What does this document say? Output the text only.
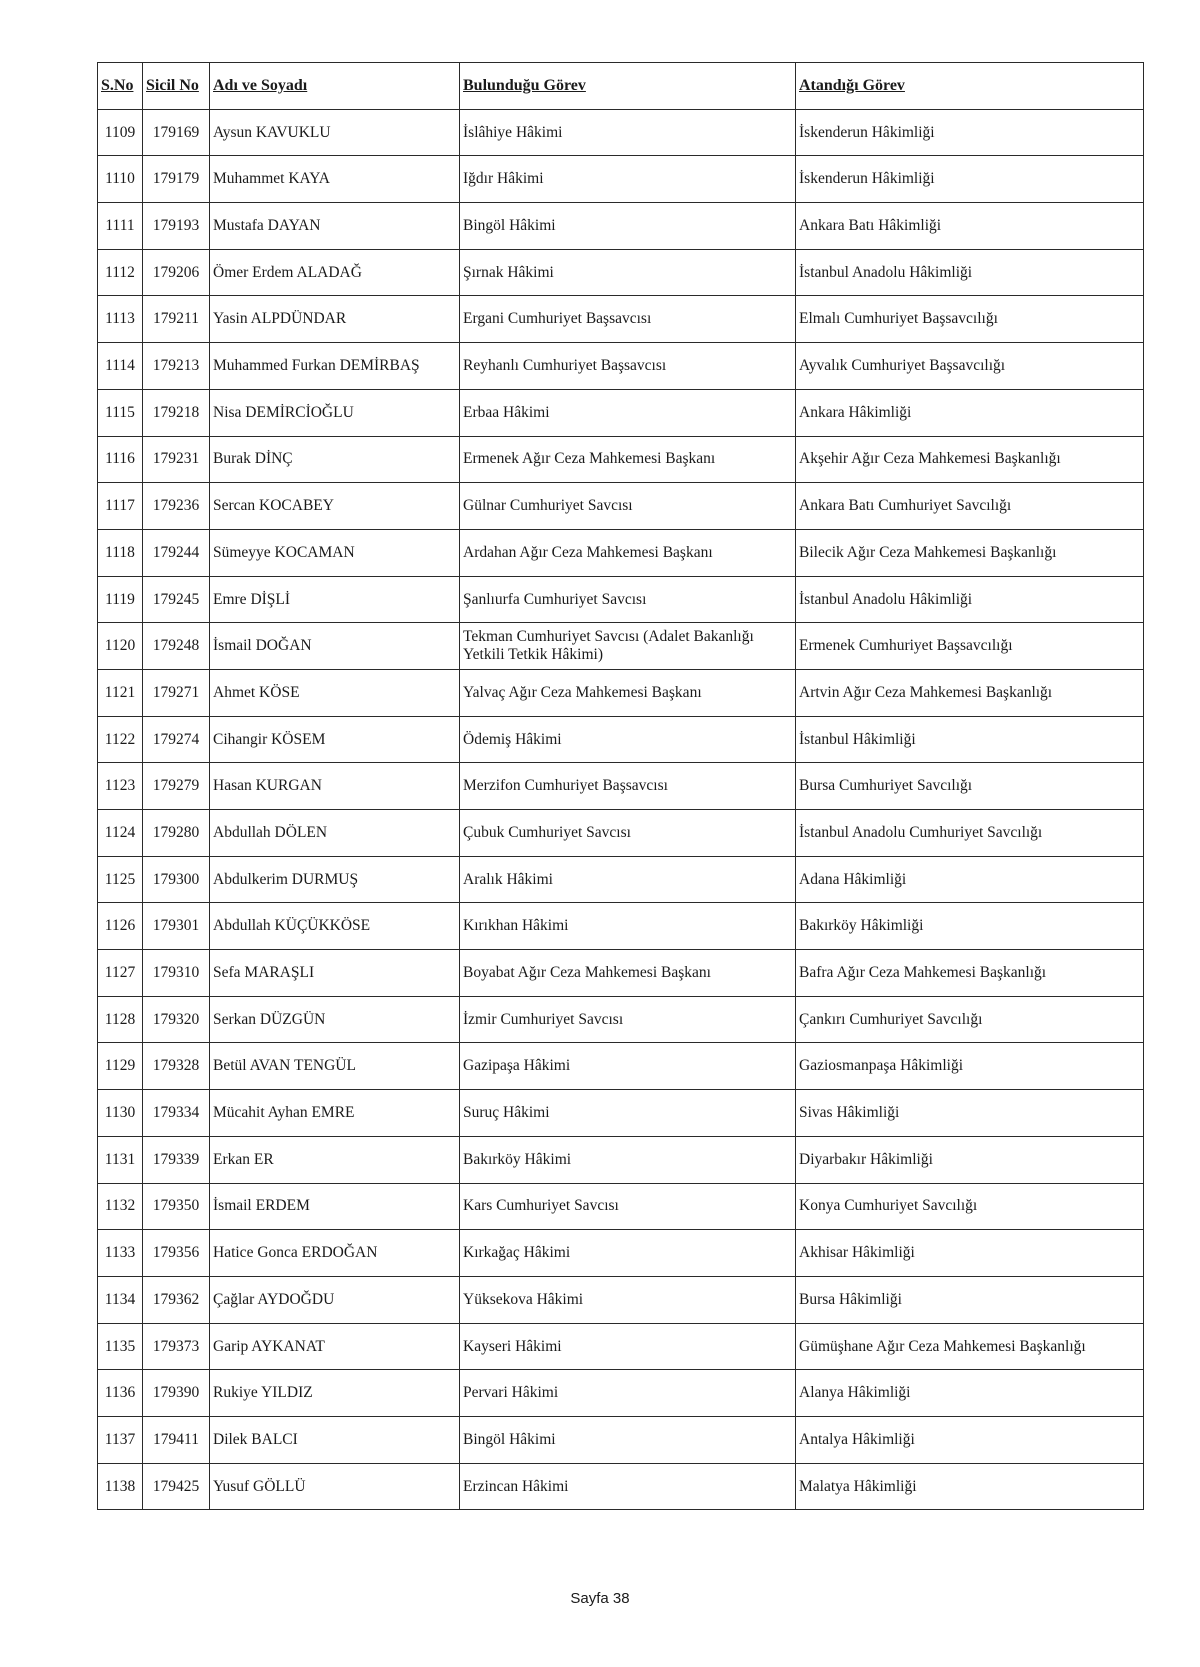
S.No	Sicil No	Adı ve Soyadı	Bulunduğu Görev	Atandığı Görev
1109	179169	Aysun KAVUKLU	İslâhiye Hâkimi	İskenderun Hâkimliği
1110	179179	Muhammet KAYA	Iğdır Hâkimi	İskenderun Hâkimliği
1111	179193	Mustafa DAYAN	Bingöl Hâkimi	Ankara Batı Hâkimliği
1112	179206	Ömer Erdem ALADAĞ	Şırnak Hâkimi	İstanbul Anadolu Hâkimliği
1113	179211	Yasin ALPDÜNDAR	Ergani Cumhuriyet Başsavcısı	Elmalı Cumhuriyet Başsavcılığı
1114	179213	Muhammed Furkan DEMİRBAŞ	Reyhanlı Cumhuriyet Başsavcısı	Ayvalık Cumhuriyet Başsavcılığı
1115	179218	Nisa DEMİRCİOĞLU	Erbaa Hâkimi	Ankara Hâkimliği
1116	179231	Burak DİNÇ	Ermenek Ağır Ceza Mahkemesi Başkanı	Akşehir Ağır Ceza Mahkemesi Başkanlığı
1117	179236	Sercan KOCABEY	Gülnar Cumhuriyet Savcısı	Ankara Batı Cumhuriyet Savcılığı
1118	179244	Sümeyye KOCAMAN	Ardahan Ağır Ceza Mahkemesi Başkanı	Bilecik Ağır Ceza Mahkemesi Başkanlığı
1119	179245	Emre DİŞLİ	Şanlıurfa Cumhuriyet Savcısı	İstanbul Anadolu Hâkimliği
1120	179248	İsmail DOĞAN	Tekman Cumhuriyet Savcısı (Adalet Bakanlığı Yetkili Tetkik Hâkimi)	Ermenek Cumhuriyet Başsavcılığı
1121	179271	Ahmet KÖSE	Yalvaç Ağır Ceza Mahkemesi Başkanı	Artvin Ağır Ceza Mahkemesi Başkanlığı
1122	179274	Cihangir KÖSEM	Ödemiş Hâkimi	İstanbul Hâkimliği
1123	179279	Hasan KURGAN	Merzifon Cumhuriyet Başsavcısı	Bursa Cumhuriyet Savcılığı
1124	179280	Abdullah DÖLEN	Çubuk Cumhuriyet Savcısı	İstanbul Anadolu Cumhuriyet Savcılığı
1125	179300	Abdulkerim DURMUŞ	Aralık Hâkimi	Adana Hâkimliği
1126	179301	Abdullah KÜÇÜKKÖSE	Kırıkhan Hâkimi	Bakırköy Hâkimliği
1127	179310	Sefa MARAŞLI	Boyabat Ağır Ceza Mahkemesi Başkanı	Bafra Ağır Ceza Mahkemesi Başkanlığı
1128	179320	Serkan DÜZGÜN	İzmir Cumhuriyet Savcısı	Çankırı Cumhuriyet Savcılığı
1129	179328	Betül AVAN TENGÜL	Gazipaşa Hâkimi	Gaziosmanpaşa Hâkimliği
1130	179334	Mücahit Ayhan EMRE	Suruç Hâkimi	Sivas Hâkimliği
1131	179339	Erkan ER	Bakırköy Hâkimi	Diyarbakır Hâkimliği
1132	179350	İsmail ERDEM	Kars Cumhuriyet Savcısı	Konya Cumhuriyet Savcılığı
1133	179356	Hatice Gonca ERDOĞAN	Kırkağaç Hâkimi	Akhisar Hâkimliği
1134	179362	Çağlar AYDOĞDU	Yüksekova Hâkimi	Bursa Hâkimliği
1135	179373	Garip AYKANAT	Kayseri Hâkimi	Gümüşhane Ağır Ceza Mahkemesi Başkanlığı
1136	179390	Rukiye YILDIZ	Pervari Hâkimi	Alanya Hâkimliği
1137	179411	Dilek BALCI	Bingöl Hâkimi	Antalya Hâkimliği
1138	179425	Yusuf GÖLLÜ	Erzincan Hâkimi	Malatya Hâkimliği
Sayfa 38
